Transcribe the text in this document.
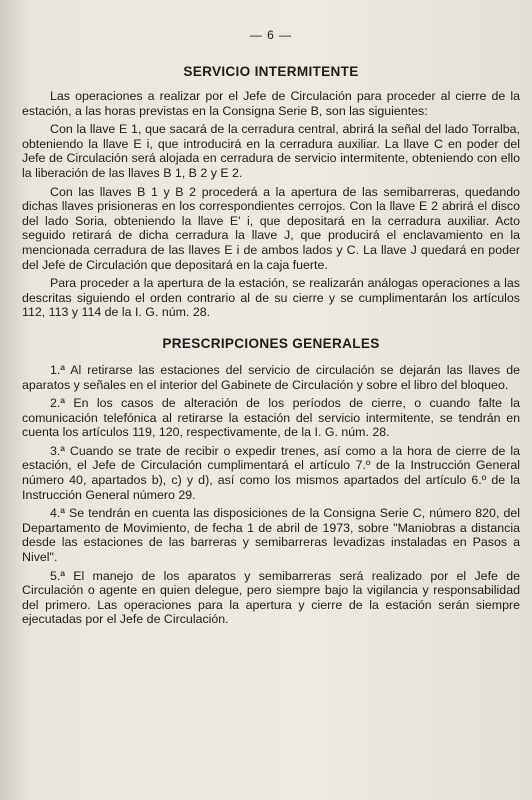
— 6 —
SERVICIO INTERMITENTE

Las operaciones a realizar por el Jefe de Circulación para proceder al cierre de la estación, a las horas previstas en la Consigna Serie B, son las siguientes:

Con la llave E 1, que sacará de la cerradura central, abrirá la señal del lado Torralba, obteniendo la llave E i, que introducirá en la cerradura auxiliar. La llave C en poder del Jefe de Circulación será alojada en cerradura de servicio intermitente, obteniendo con ello la liberación de las llaves B 1, B 2 y E 2.

Con las llaves B 1 y B 2 procederá a la apertura de las semibarreras, quedando dichas llaves prisioneras en los correspondientes cerrojos. Con la llave E 2 abrirá el disco del lado Soria, obteniendo la llave E' i, que depositará en la cerradura auxiliar. Acto seguido retirará de dicha cerradura la llave J, que producirá el enclavamiento en la mencionada cerradura de las llaves E i de ambos lados y C. La llave J quedará en poder del Jefe de Circulación que depositará en la caja fuerte.

Para proceder a la apertura de la estación, se realizarán análogas operaciones a las descritas siguiendo el orden contrario al de su cierre y se cumplimentarán los artículos 112, 113 y 114 de la I. G. núm. 28.

PRESCRIPCIONES GENERALES

1.ª Al retirarse las estaciones del servicio de circulación se dejarán las llaves de aparatos y señales en el interior del Gabinete de Circulación y sobre el libro del bloqueo.

2.ª En los casos de alteración de los períodos de cierre, o cuando falte la comunicación telefónica al retirarse la estación del servicio intermitente, se tendrán en cuenta los artículos 119, 120, respectivamente, de la I. G. núm. 28.

3.ª Cuando se trate de recibir o expedir trenes, así como a la hora de cierre de la estación, el Jefe de Circulación cumplimentará el artículo 7.º de la Instrucción General número 40, apartados b), c) y d), así como los mismos apartados del artículo 6.º de la Instrucción General número 29.

4.ª Se tendrán en cuenta las disposiciones de la Consigna Serie C, número 820, del Departamento de Movimiento, de fecha 1 de abril de 1973, sobre "Maniobras a distancia desde las estaciones de las barreras y semibarreras levadizas instaladas en Pasos a Nivel".

5.ª El manejo de los aparatos y semibarreras será realizado por el Jefe de Circulación o agente en quien delegue, pero siempre bajo la vigilancia y responsabilidad del primero. Las operaciones para la apertura y cierre de la estación serán siempre ejecutadas por el Jefe de Circulación.
